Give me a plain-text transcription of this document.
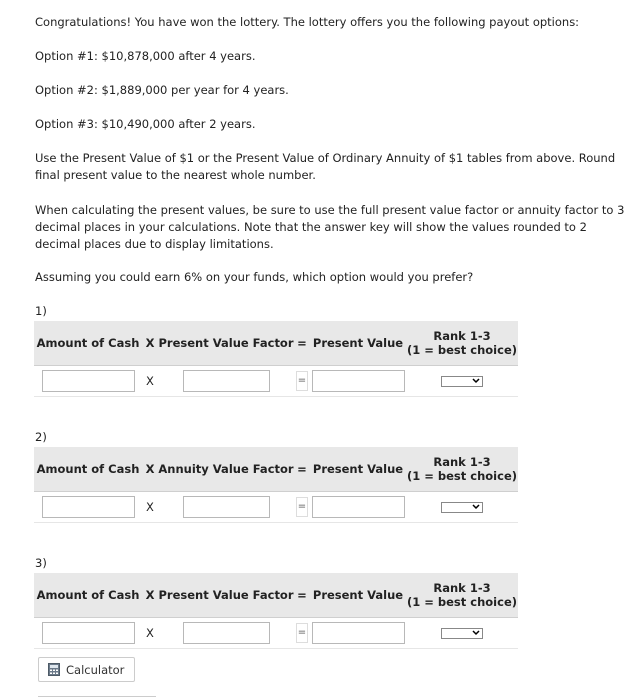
Congratulations! You have won the lottery. The lottery offers you the following payout options:

Option #1: $10,878,000 after 4 years.

Option #2: $1,889,000 per year for 4 years.

Option #3: $10,490,000 after 2 years.

Use the Present Value of $1 or the Present Value of Ordinary Annuity of $1 tables from above. Round final present value to the nearest whole number.

When calculating the present values, be sure to use the full present value factor or annuity factor to 3 decimal places in your calculations. Note that the answer key will show the values rounded to 2 decimal places due to display limitations.

Assuming you could earn 6% on your funds, which option would you prefer?

1)
Amount of Cash	X	Present Value Factor	=	Present Value	Rank 1-3
(1 = best choice)
	X		=		
2)
Amount of Cash	X	Annuity Value Factor	=	Present Value	Rank 1-3
(1 = best choice)
	X		=		
3)
Amount of Cash	X	Present Value Factor	=	Present Value	Rank 1-3
(1 = best choice)
	X		=		
Calculator
